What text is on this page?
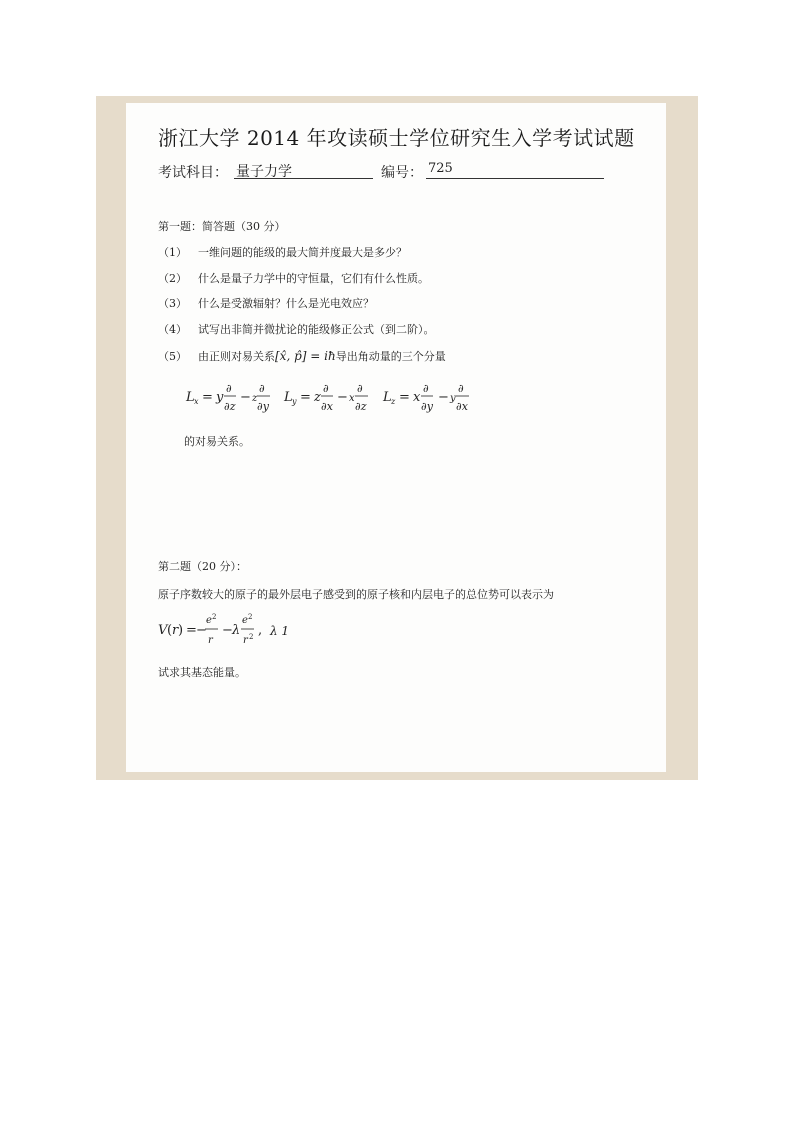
浙江大学 2014 年攻读硕士学位研究生入学考试试题
考试科目： 量子力学	编号： 725
第一题：简答题（30 分）
（1） 一维问题的能级的最大简并度最大是多少？
（2） 什么是量子力学中的守恒量，它们有什么性质。
（3） 什么是受激辐射？什么是光电效应？
（4） 试写出非简并微扰论的能级修正公式（到二阶）。
（5） 由正则对易关系[x̂, p̂] = iħ导出角动量的三个分量
L x = y
∂
∂z
− z
∂
∂y
L y = z
∂
∂x
− x
∂
∂z
L z = x
∂
∂y
− y
∂
∂x
Lx = y∂/∂z − z∂/∂y	Ly = z∂/∂x − x∂/∂z	Lz = x∂/∂y − y∂/∂x
的对易关系。
第二题（20 分）：
原子序数较大的原子的最外层电子感受到的原子核和内层电子的总位势可以表示为
V ( r ) = −
e 2
r
− λ
e 2
r 2 , λ 1
V(r) = −e²/r − λ e²/r² , λ 1
试求其基态能量。
